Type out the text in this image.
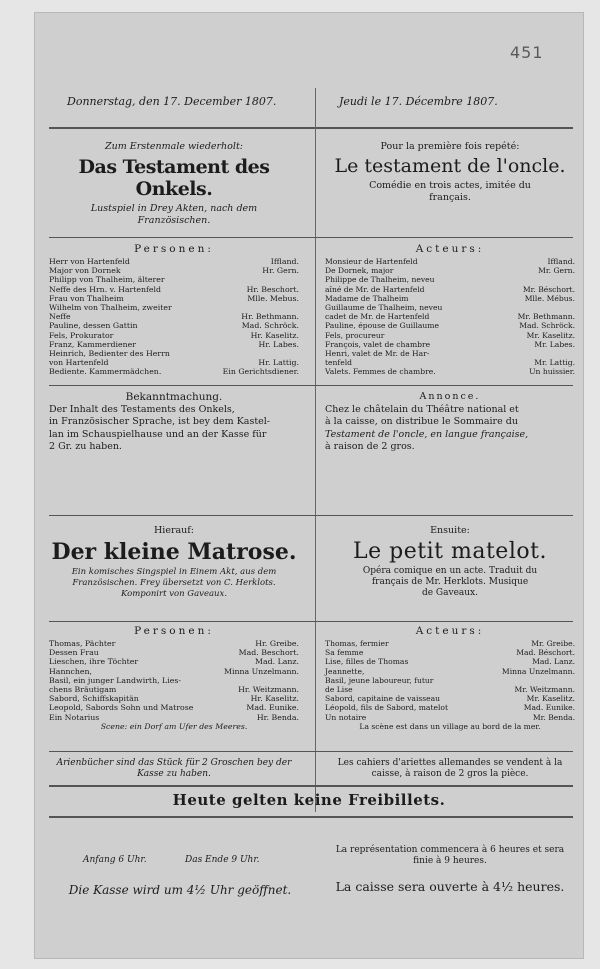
451
Donnerstag, den 17. December 1807.	Jeudi le 17. Décembre 1807.
Zum Erstenmale wiederholt:
Das Testament des Onkels.
Lustspiel in Drey Akten, nach dem
Französischen.
Pour la première fois repété:
Le testament de l'oncle.
Comédie en trois actes, imitée du
français.
Personen:
Herr von Hartenfeld	Iffland.
Major von Dornek	Hr. Gern.
Philipp von Thalheim, älterer
Neffe des Hrn. v. Hartenfeld	Hr. Beschort.
Frau von Thalheim	Mlle. Mebus.
Wilhelm von Thalheim, zweiter
Neffe	Hr. Bethmann.
Pauline, dessen Gattin	Mad. Schröck.
Fels, Prokurator	Hr. Kaselitz.
Franz, Kammerdiener	Hr. Labes.
Heinrich, Bedienter des Herrn
von Hartenfeld	Hr. Lattig.
Bediente. Kammermädchen.	Ein Gerichtsdiener.
Acteurs:
Monsieur de Hartenfeld	Iffland.
De Dornek, major	Mr. Gern.
Philippe de Thalheim, neveu
aîné de Mr. de Hartenfeld	Mr. Béschort.
Madame de Thalheim	Mlle. Mébus.
Guillaume de Thalheim, neveu
cadet de Mr. de Hartenfeld	Mr. Bethmann.
Pauline, épouse de Guillaume	Mad. Schröck.
Fels, procureur	Mr. Kaselitz.
François, valet de chambre	Mr. Labes.
Henri, valet de Mr. de Har-
tenfeld	Mr. Lattig.
Valets. Femmes de chambre.	Un huissier.
Bekanntmachung.
Der Inhalt des Testaments des Onkels,
in Französischer Sprache, ist bey dem Kastel-
lan im Schauspielhause und an der Kasse für
2 Gr. zu haben.
Annonce.
Chez le châtelain du Théâtre national et
à la caisse, on distribue le Sommaire du
Testament de l'oncle, en langue française,
à raison de 2 gros.
Hierauf:
Der kleine Matrose.
Ein komisches Singspiel in Einem Akt, aus dem
Französischen. Frey übersetzt von C. Herklots.
Komponirt von Gaveaux.
Ensuite:
Le petit matelot.
Opéra comique en un acte. Traduit du
français de Mr. Herklots. Musique
de Gaveaux.
Personen:
Thomas, Pächter	Hr. Greibe.
Dessen Frau	Mad. Beschort.
Lieschen, ihre Töchter	Mad. Lanz.
Hannchen,	Minna Unzelmann.
Basil, ein junger Landwirth, Lies-
chens Bräutigam	Hr. Weitzmann.
Sabord, Schiffskapitän	Hr. Kaselitz.
Leopold, Sabords Sohn und Matrose	Mad. Eunike.
Ein Notarius	Hr. Benda.
Scene: ein Dorf am Ufer des Meeres.
Acteurs:
Thomas, fermier	Mr. Greibe.
Sa femme	Mad. Béschort.
Lise, filles de Thomas	Mad. Lanz.
Jeannette,	Minna Unzelmann.
Basil, jeune laboureur, futur
de Lise	Mr. Weitzmann.
Sabord, capitaine de vaisseau	Mr. Kaselitz.
Léopold, fils de Sabord, matelot	Mad. Eunike.
Un notaire	Mr. Benda.
La scène est dans un village au bord de la mer.
Arienbücher sind das Stück für 2 Groschen bey der
Kasse zu haben.
Les cahiers d'ariettes allemandes se vendent à la
caisse, à raison de 2 gros la pièce.
Heute gelten keine Freibillets.
Anfang 6 Uhr.	Das Ende 9 Uhr.
La représentation commencera à 6 heures et sera
finie à 9 heures.
Die Kasse wird um 4½ Uhr geöffnet.	La caisse sera ouverte à 4½ heures.
